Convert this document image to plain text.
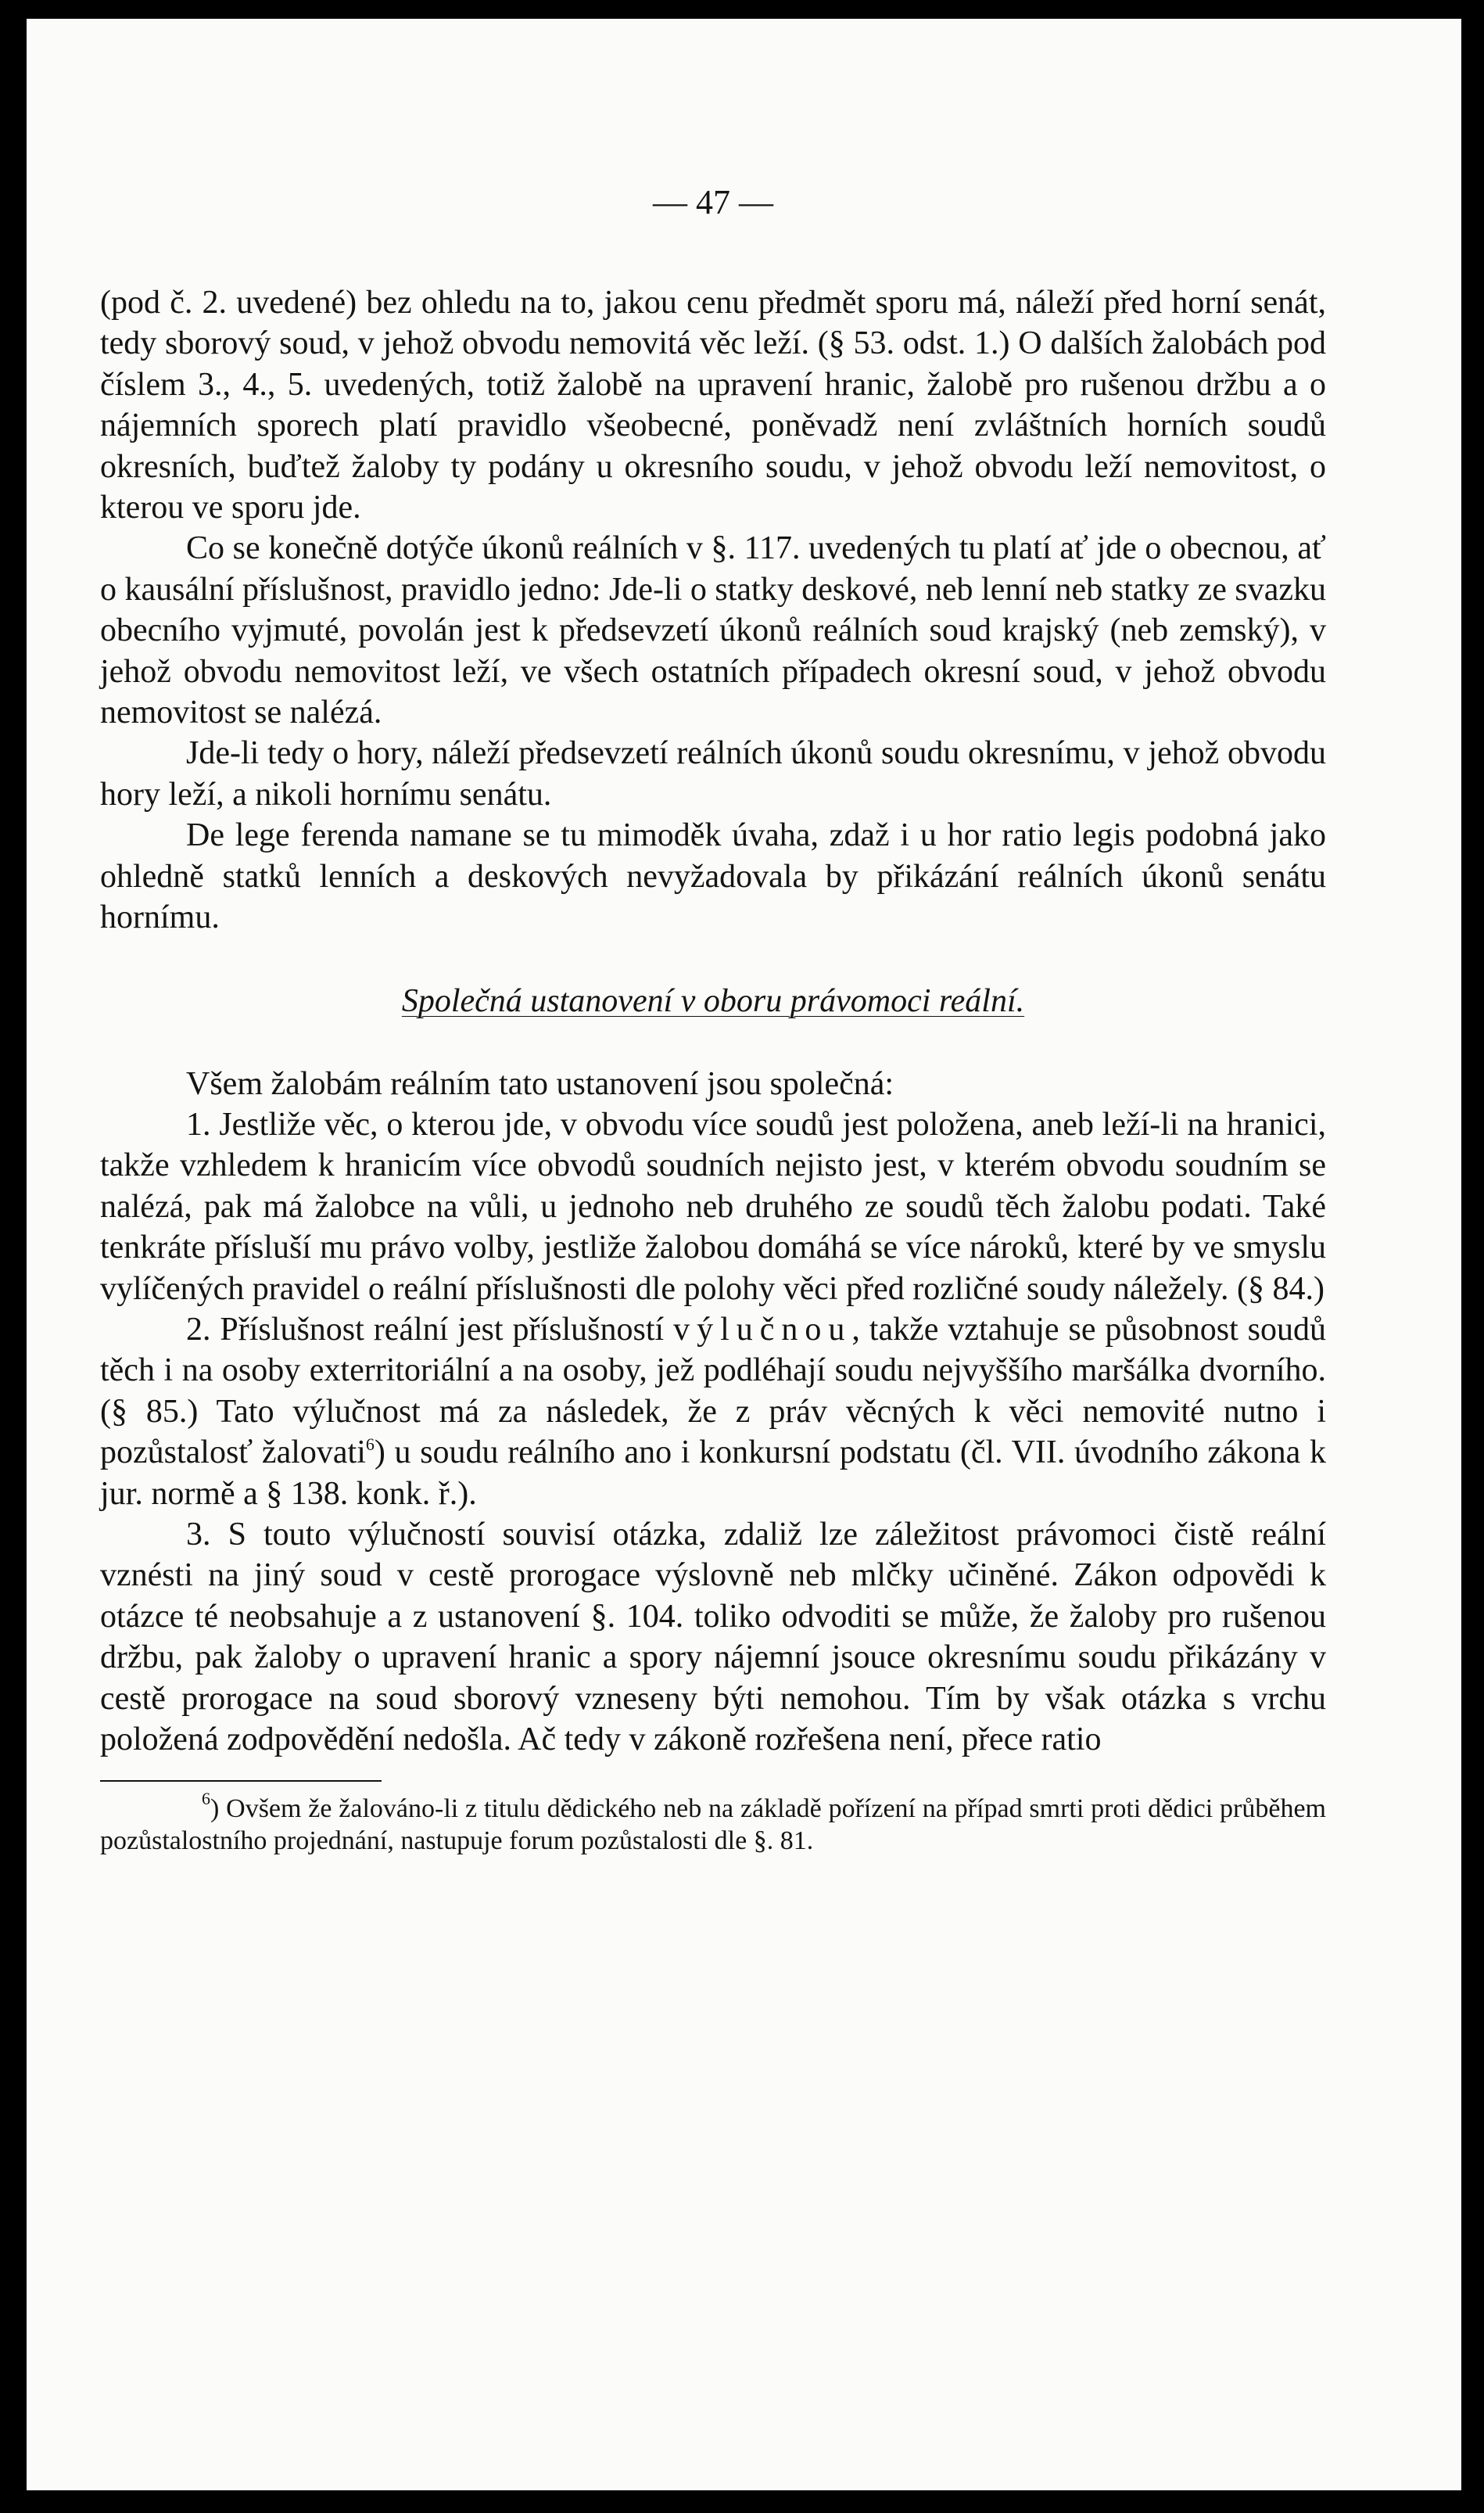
— 47 —

(pod č. 2. uvedené) bez ohledu na to, jakou cenu předmět sporu má, náleží před horní senát, tedy sborový soud, v jehož obvodu nemovitá věc leží. (§ 53. odst. 1.) O dalších žalobách pod číslem 3., 4., 5. uvedených, totiž žalobě na upravení hranic, žalobě pro rušenou držbu a o nájemních sporech platí pravidlo všeobecné, poněvadž není zvláštních horních soudů okresních, buďtež žaloby ty podány u okresního soudu, v jehož obvodu leží nemovitost, o kterou ve sporu jde.

Co se konečně dotýče úkonů reálních v §. 117. uvedených tu platí ať jde o obecnou, ať o kausální příslušnost, pravidlo jedno: Jde-li o statky deskové, neb lenní neb statky ze svazku obecního vyjmuté, povolán jest k předsevzetí úkonů reálních soud krajský (neb zemský), v jehož obvodu nemovitost leží, ve všech ostatních případech okresní soud, v jehož obvodu nemovitost se nalézá.

Jde-li tedy o hory, náleží předsevzetí reálních úkonů soudu okresnímu, v jehož obvodu hory leží, a nikoli hornímu senátu.

De lege ferenda namane se tu mimoděk úvaha, zdaž i u hor ratio legis podobná jako ohledně statků lenních a deskových nevyžadovala by přikázání reálních úkonů senátu hornímu.

Společná ustanovení v oboru právomoci reální.

Všem žalobám reálním tato ustanovení jsou společná:

1. Jestliže věc, o kterou jde, v obvodu více soudů jest položena, aneb leží-li na hranici, takže vzhledem k hranicím více obvodů soudních nejisto jest, v kterém obvodu soudním se nalézá, pak má žalobce na vůli, u jednoho neb druhého ze soudů těch žalobu podati. Také tenkráte přísluší mu právo volby, jestliže žalobou domáhá se více nároků, které by ve smyslu vylíčených pravidel o reální příslušnosti dle polohy věci před rozličné soudy náležely. (§ 84.)

2. Příslušnost reální jest příslušností výlučnou, takže vztahuje se působnost soudů těch i na osoby exterritoriální a na osoby, jež podléhají soudu nejvyššího maršálka dvorního. (§ 85.) Tato výlučnost má za následek, že z práv věcných k věci nemovité nutno i pozůstalosť žalovati$^6$) u soudu reálního ano i konkursní podstatu (čl. VII. úvodního zákona k jur. normě a § 138. konk. ř.).

3. S touto výlučností souvisí otázka, zdaliž lze záležitost právomoci čistě reální vznésti na jiný soud v cestě prorogace výslovně neb mlčky učiněné. Zákon odpovědi k otázce té neobsahuje a z ustanovení §. 104. toliko odvoditi se může, že žaloby pro rušenou držbu, pak žaloby o upravení hranic a spory nájemní jsouce okresnímu soudu přikázány v cestě prorogace na soud sborový vzneseny býti nemohou. Tím by však otázka s vrchu položená zodpovědění nedošla. Ač tedy v zákoně rozřešena není, přece ratio

$^6$) Ovšem že žalováno-li z titulu dědického neb na základě pořízení na případ smrti proti dědici průběhem pozůstalostního projednání, nastupuje forum pozůstalosti dle §. 81.
